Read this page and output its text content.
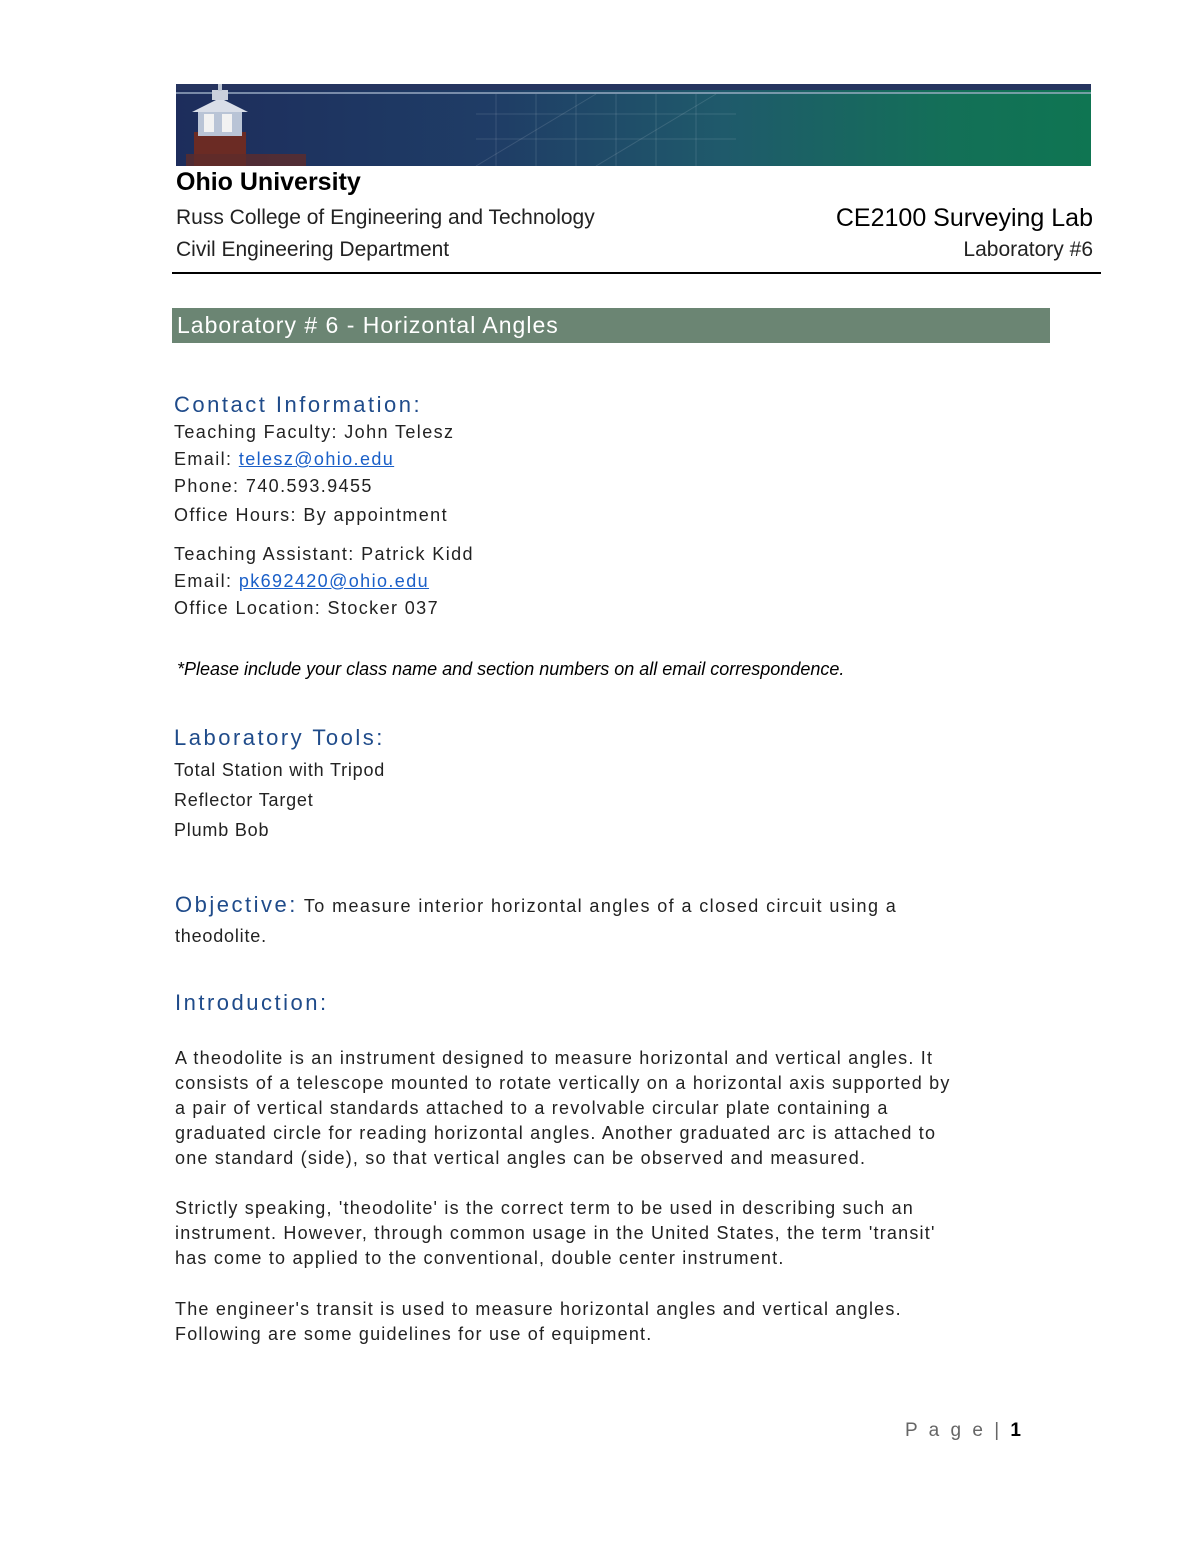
Ohio University
Russ College of Engineering and Technology	CE2100 Surveying Lab
Civil Engineering Department	Laboratory #6
Laboratory # 6 - Horizontal Angles
Contact Information:
Teaching Faculty: John Telesz
Email: telesz@ohio.edu
Phone: 740.593.9455
Office Hours: By appointment
Teaching Assistant: Patrick Kidd
Email: pk692420@ohio.edu
Office Location: Stocker 037
*Please include your class name and section numbers on all email correspondence.
Laboratory Tools:
Total Station with Tripod
Reflector Target
Plumb Bob
Objective: To measure interior horizontal angles of a closed circuit using a
theodolite.
Introduction:
A theodolite is an instrument designed to measure horizontal and vertical angles. It
consists of a telescope mounted to rotate vertically on a horizontal axis supported by
a pair of vertical standards attached to a revolvable circular plate containing a
graduated circle for reading horizontal angles. Another graduated arc is attached to
one standard (side), so that vertical angles can be observed and measured.
Strictly speaking, 'theodolite' is the correct term to be used in describing such an
instrument. However, through common usage in the United States, the term 'transit'
has come to applied to the conventional, double center instrument.
The engineer's transit is used to measure horizontal angles and vertical angles.
Following are some guidelines for use of equipment.
P a g e | 1
